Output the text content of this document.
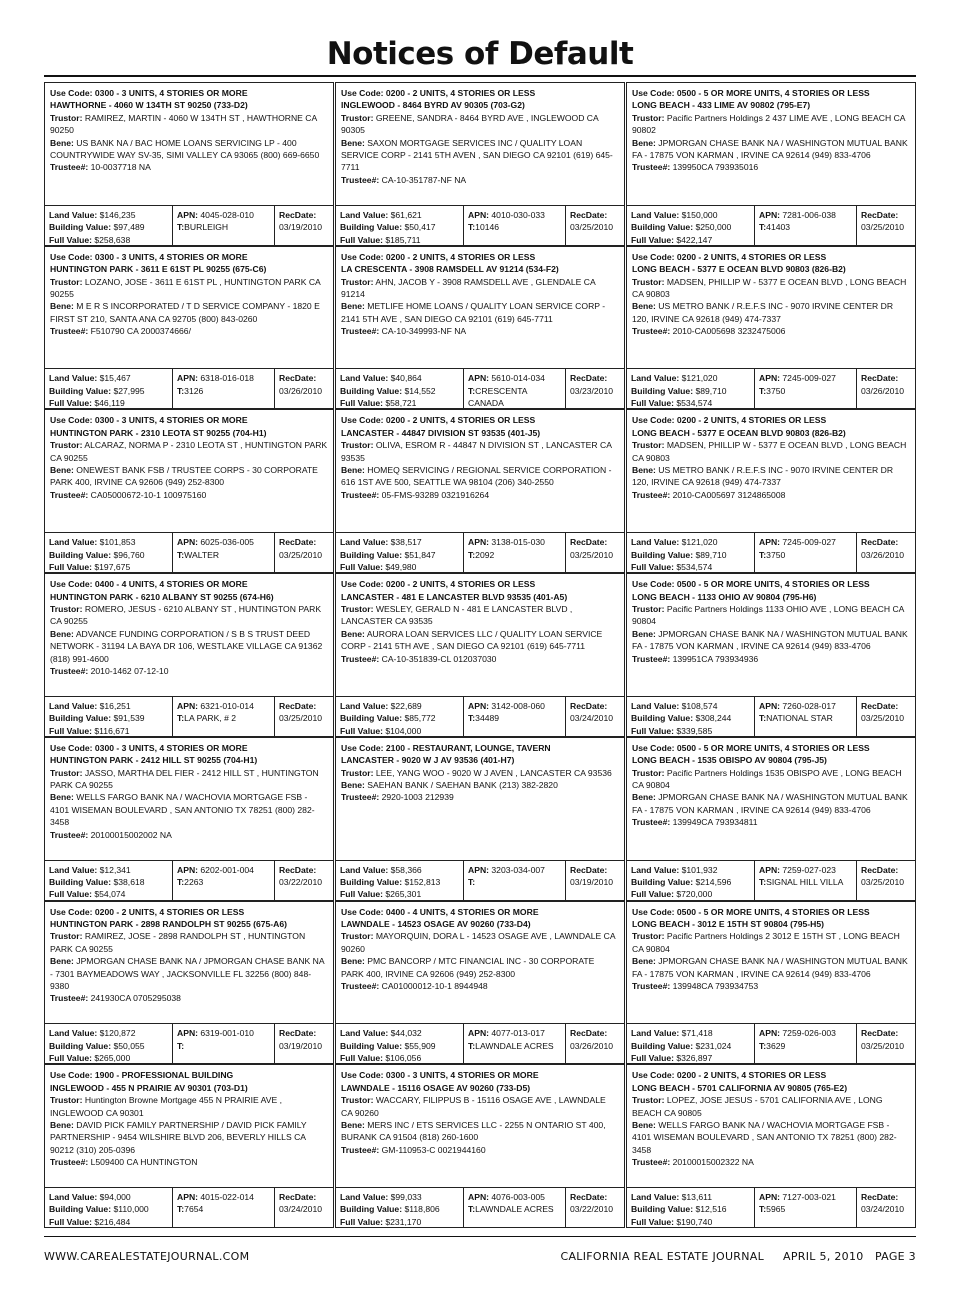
Notices of Default
Use Code: 0300 - 3 UNITS, 4 STORIES OR MORE
HAWTHORNE - 4060 W 134TH ST 90250 (733-D2)
Trustor: RAMIREZ, MARTIN - 4060 W 134TH ST , HAWTHORNE CA 90250
Bene: US BANK NA / BAC HOME LOANS SERVICING LP - 400 COUNTRYWIDE WAY SV-35, SIMI VALLEY CA 93065 (800) 669-6650
Trustee#: 10-0037718 NA
Land Value: $146,235
Building Value: $97,489
Full Value: $258,638
APN: 4045-028-010
T:BURLEIGH
RecDate:
03/19/2010
Use Code: 0200 - 2 UNITS, 4 STORIES OR LESS
INGLEWOOD - 8464 BYRD AV 90305 (703-G2)
Trustor: GREENE, SANDRA - 8464 BYRD AVE , INGLEWOOD CA 90305
Bene: SAXON MORTGAGE SERVICES INC / QUALITY LOAN SERVICE CORP - 2141 5TH AVEN , SAN DIEGO CA 92101 (619) 645-7711
Trustee#: CA-10-351787-NF NA
Land Value: $61,621
Building Value: $50,417
Full Value: $185,711
APN: 4010-030-033
T:10146
RecDate:
03/25/2010
Use Code: 0500 - 5 OR MORE UNITS, 4 STORIES OR LESS
LONG BEACH - 433 LIME AV 90802 (795-E7)
Trustor: Pacific Partners Holdings 2 437 LIME AVE , LONG BEACH CA 90802
Bene: JPMORGAN CHASE BANK NA / WASHINGTON MUTUAL BANK FA - 17875 VON KARMAN , IRVINE CA 92614 (949) 833-4706
Trustee#: 139950CA 793935016
Land Value: $150,000
Building Value: $250,000
Full Value: $422,147
APN: 7281-006-038
T:41403
RecDate:
03/25/2010
Use Code: 0300 - 3 UNITS, 4 STORIES OR MORE
HUNTINGTON PARK - 3611 E 61ST PL 90255 (675-C6)
Trustor: LOZANO, JOSE - 3611 E 61ST PL , HUNTINGTON PARK CA 90255
Bene: M E R S INCORPORATED / T D SERVICE COMPANY - 1820 E FIRST ST 210, SANTA ANA CA 92705 (800) 843-0260
Trustee#: F510790 CA 2000374666/
Land Value: $15,467
Building Value: $27,995
Full Value: $46,119
APN: 6318-016-018
T:3126
RecDate:
03/26/2010
Use Code: 0200 - 2 UNITS, 4 STORIES OR LESS
LA CRESCENTA - 3908 RAMSDELL AV 91214 (534-F2)
Trustor: AHN, JACOB Y - 3908 RAMSDELL AVE , GLENDALE CA 91214
Bene: METLIFE HOME LOANS / QUALITY LOAN SERVICE CORP - 2141 5TH AVE , SAN DIEGO CA 92101 (619) 645-7711
Trustee#: CA-10-349993-NF NA
Land Value: $40,864
Building Value: $14,552
Full Value: $58,721
APN: 5610-014-034
T:CRESCENTA CANADA
RecDate:
03/23/2010
Use Code: 0200 - 2 UNITS, 4 STORIES OR LESS
LONG BEACH - 5377 E OCEAN BLVD 90803 (826-B2)
Trustor: MADSEN, PHILLIP W - 5377 E OCEAN BLVD , LONG BEACH CA 90803
Bene: US METRO BANK / R.E.F.S INC - 9070 IRVINE CENTER DR 120, IRVINE CA 92618 (949) 474-7337
Trustee#: 2010-CA005698 3232475006
Land Value: $121,020
Building Value: $89,710
Full Value: $534,574
APN: 7245-009-027
T:3750
RecDate:
03/26/2010
Use Code: 0300 - 3 UNITS, 4 STORIES OR MORE
HUNTINGTON PARK - 2310 LEOTA ST 90255 (704-H1)
Trustor: ALCARAZ, NORMA P - 2310 LEOTA ST , HUNTINGTON PARK CA 90255
Bene: ONEWEST BANK FSB / TRUSTEE CORPS - 30 CORPORATE PARK 400, IRVINE CA 92606 (949) 252-8300
Trustee#: CA05000672-10-1 100975160
Land Value: $101,853
Building Value: $96,760
Full Value: $197,675
APN: 6025-036-005
T:WALTER
RecDate:
03/25/2010
Use Code: 0200 - 2 UNITS, 4 STORIES OR LESS
LANCASTER - 44847 DIVISION ST 93535 (401-J5)
Trustor: OLIVA, ESROM R - 44847 N DIVISION ST , LANCASTER CA 93535
Bene: HOMEQ SERVICING / REGIONAL SERVICE CORPORATION - 616 1ST AVE 500, SEATTLE WA 98104 (206) 340-2550
Trustee#: 05-FMS-93289 0321916264
Land Value: $38,517
Building Value: $51,847
Full Value: $49,980
APN: 3138-015-030
T:2092
RecDate:
03/25/2010
Use Code: 0200 - 2 UNITS, 4 STORIES OR LESS
LONG BEACH - 5377 E OCEAN BLVD 90803 (826-B2)
Trustor: MADSEN, PHILLIP W - 5377 E OCEAN BLVD , LONG BEACH CA 90803
Bene: US METRO BANK / R.E.F.S INC - 9070 IRVINE CENTER DR 120, IRVINE CA 92618 (949) 474-7337
Trustee#: 2010-CA005697 3124865008
Land Value: $121,020
Building Value: $89,710
Full Value: $534,574
APN: 7245-009-027
T:3750
RecDate:
03/26/2010
Use Code: 0400 - 4 UNITS, 4 STORIES OR MORE
HUNTINGTON PARK - 6210 ALBANY ST 90255 (674-H6)
Trustor: ROMERO, JESUS - 6210 ALBANY ST , HUNTINGTON PARK CA 90255
Bene: ADVANCE FUNDING CORPORATION / S B S TRUST DEED NETWORK - 31194 LA BAYA DR 106, WESTLAKE VILLAGE CA 91362 (818) 991-4600
Trustee#: 2010-1462 07-12-10
Land Value: $16,251
Building Value: $91,539
Full Value: $116,671
APN: 6321-010-014
T:LA PARK, # 2
RecDate:
03/25/2010
Use Code: 0200 - 2 UNITS, 4 STORIES OR LESS
LANCASTER - 481 E LANCASTER BLVD 93535 (401-A5)
Trustor: WESLEY, GERALD N - 481 E LANCASTER BLVD , LANCASTER CA 93535
Bene: AURORA LOAN SERVICES LLC / QUALITY LOAN SERVICE CORP - 2141 5TH AVE , SAN DIEGO CA 92101 (619) 645-7711
Trustee#: CA-10-351839-CL 012037030
Land Value: $22,689
Building Value: $85,772
Full Value: $104,000
APN: 3142-008-060
T:34489
RecDate:
03/24/2010
Use Code: 0500 - 5 OR MORE UNITS, 4 STORIES OR LESS
LONG BEACH - 1133 OHIO AV 90804 (795-H6)
Trustor: Pacific Partners Holdings 1133 OHIO AVE , LONG BEACH CA 90804
Bene: JPMORGAN CHASE BANK NA / WASHINGTON MUTUAL BANK FA - 17875 VON KARMAN , IRVINE CA 92614 (949) 833-4706
Trustee#: 139951CA 793934936
Land Value: $108,574
Building Value: $308,244
Full Value: $339,585
APN: 7260-028-017
T:NATIONAL STAR
RecDate:
03/25/2010
Use Code: 0300 - 3 UNITS, 4 STORIES OR MORE
HUNTINGTON PARK - 2412 HILL ST 90255 (704-H1)
Trustor: JASSO, MARTHA DEL FIER - 2412 HILL ST , HUNTINGTON PARK CA 90255
Bene: WELLS FARGO BANK NA / WACHOVIA MORTGAGE FSB - 4101 WISEMAN BOULEVARD , SAN ANTONIO TX 78251 (800) 282-3458
Trustee#: 20100015002002 NA
Land Value: $12,341
Building Value: $38,618
Full Value: $54,074
APN: 6202-001-004
T:2263
RecDate:
03/22/2010
Use Code: 2100 - RESTAURANT, LOUNGE, TAVERN
LANCASTER - 9020 W J AV 93536 (401-H7)
Trustor: LEE, YANG WOO - 9020 W J AVEN , LANCASTER CA 93536
Bene: SAEHAN BANK / SAEHAN BANK (213) 382-2820
Trustee#: 2920-1003 212939
Land Value: $58,366
Building Value: $152,813
Full Value: $265,301
APN: 3203-034-007
T:
RecDate:
03/19/2010
Use Code: 0500 - 5 OR MORE UNITS, 4 STORIES OR LESS
LONG BEACH - 1535 OBISPO AV 90804 (795-J5)
Trustor: Pacific Partners Holdings 1535 OBISPO AVE , LONG BEACH CA 90804
Bene: JPMORGAN CHASE BANK NA / WASHINGTON MUTUAL BANK FA - 17875 VON KARMAN , IRVINE CA 92614 (949) 833-4706
Trustee#: 139949CA 793934811
Land Value: $101,932
Building Value: $214,596
Full Value: $720,000
APN: 7259-027-023
T:SIGNAL HILL VILLA
RecDate:
03/25/2010
Use Code: 0200 - 2 UNITS, 4 STORIES OR LESS
HUNTINGTON PARK - 2898 RANDOLPH ST 90255 (675-A6)
Trustor: RAMIREZ, JOSE - 2898 RANDOLPH ST , HUNTINGTON PARK CA 90255
Bene: JPMORGAN CHASE BANK NA / JPMORGAN CHASE BANK NA - 7301 BAYMEADOWS WAY , JACKSONVILLE FL 32256 (800) 848-9380
Trustee#: 241930CA 0705295038
Land Value: $120,872
Building Value: $50,055
Full Value: $265,000
APN: 6319-001-010
T:
RecDate:
03/19/2010
Use Code: 0400 - 4 UNITS, 4 STORIES OR MORE
LAWNDALE - 14523 OSAGE AV 90260 (733-D4)
Trustor: MAYORQUIN, DORA L - 14523 OSAGE AVE , LAWNDALE CA 90260
Bene: PMC BANCORP / MTC FINANCIAL INC - 30 CORPORATE PARK 400, IRVINE CA 92606 (949) 252-8300
Trustee#: CA01000012-10-1 8944948
Land Value: $44,032
Building Value: $55,909
Full Value: $106,056
APN: 4077-013-017
T:LAWNDALE ACRES
RecDate:
03/26/2010
Use Code: 0500 - 5 OR MORE UNITS, 4 STORIES OR LESS
LONG BEACH - 3012 E 15TH ST 90804 (795-H5)
Trustor: Pacific Partners Holdings 2 3012 E 15TH ST , LONG BEACH CA 90804
Bene: JPMORGAN CHASE BANK NA / WASHINGTON MUTUAL BANK FA - 17875 VON KARMAN , IRVINE CA 92614 (949) 833-4706
Trustee#: 139948CA 793934753
Land Value: $71,418
Building Value: $231,024
Full Value: $326,897
APN: 7259-026-003
T:3629
RecDate:
03/25/2010
Use Code: 1900 - PROFESSIONAL BUILDING
INGLEWOOD - 455 N PRAIRIE AV 90301 (703-D1)
Trustor: Huntington Browne Mortgage 455 N PRAIRIE AVE , INGLEWOOD CA 90301
Bene: DAVID PICK FAMILY PARTNERSHIP / DAVID PICK FAMILY PARTNERSHIP - 9454 WILSHIRE BLVD 206, BEVERLY HILLS CA 90212 (310) 205-0396
Trustee#: L509400 CA HUNTINGTON
Land Value: $94,000
Building Value: $110,000
Full Value: $216,484
APN: 4015-022-014
T:7654
RecDate:
03/24/2010
Use Code: 0300 - 3 UNITS, 4 STORIES OR MORE
LAWNDALE - 15116 OSAGE AV 90260 (733-D5)
Trustor: WACCARY, FILIPPUS B - 15116 OSAGE AVE , LAWNDALE CA 90260
Bene: MERS INC / ETS SERVICES LLC - 2255 N ONTARIO ST 400, BURANK CA 91504 (818) 260-1600
Trustee#: GM-110953-C 0021944160
Land Value: $99,033
Building Value: $118,806
Full Value: $231,170
APN: 4076-003-005
T:LAWNDALE ACRES
RecDate:
03/22/2010
Use Code: 0200 - 2 UNITS, 4 STORIES OR LESS
LONG BEACH - 5701 CALIFORNIA AV 90805 (765-E2)
Trustor: LOPEZ, JOSE JESUS - 5701 CALIFORNIA AVE , LONG BEACH CA 90805
Bene: WELLS FARGO BANK NA / WACHOVIA MORTGAGE FSB - 4101 WISEMAN BOULEVARD , SAN ANTONIO TX 78251 (800) 282-3458
Trustee#: 20100015002322 NA
Land Value: $13,611
Building Value: $12,516
Full Value: $190,740
APN: 7127-003-021
T:5965
RecDate:
03/24/2010
WWW.CAREALESTATEJOURNAL.COM	CALIFORNIA REAL ESTATE JOURNAL     APRIL 5, 2010   PAGE 3
